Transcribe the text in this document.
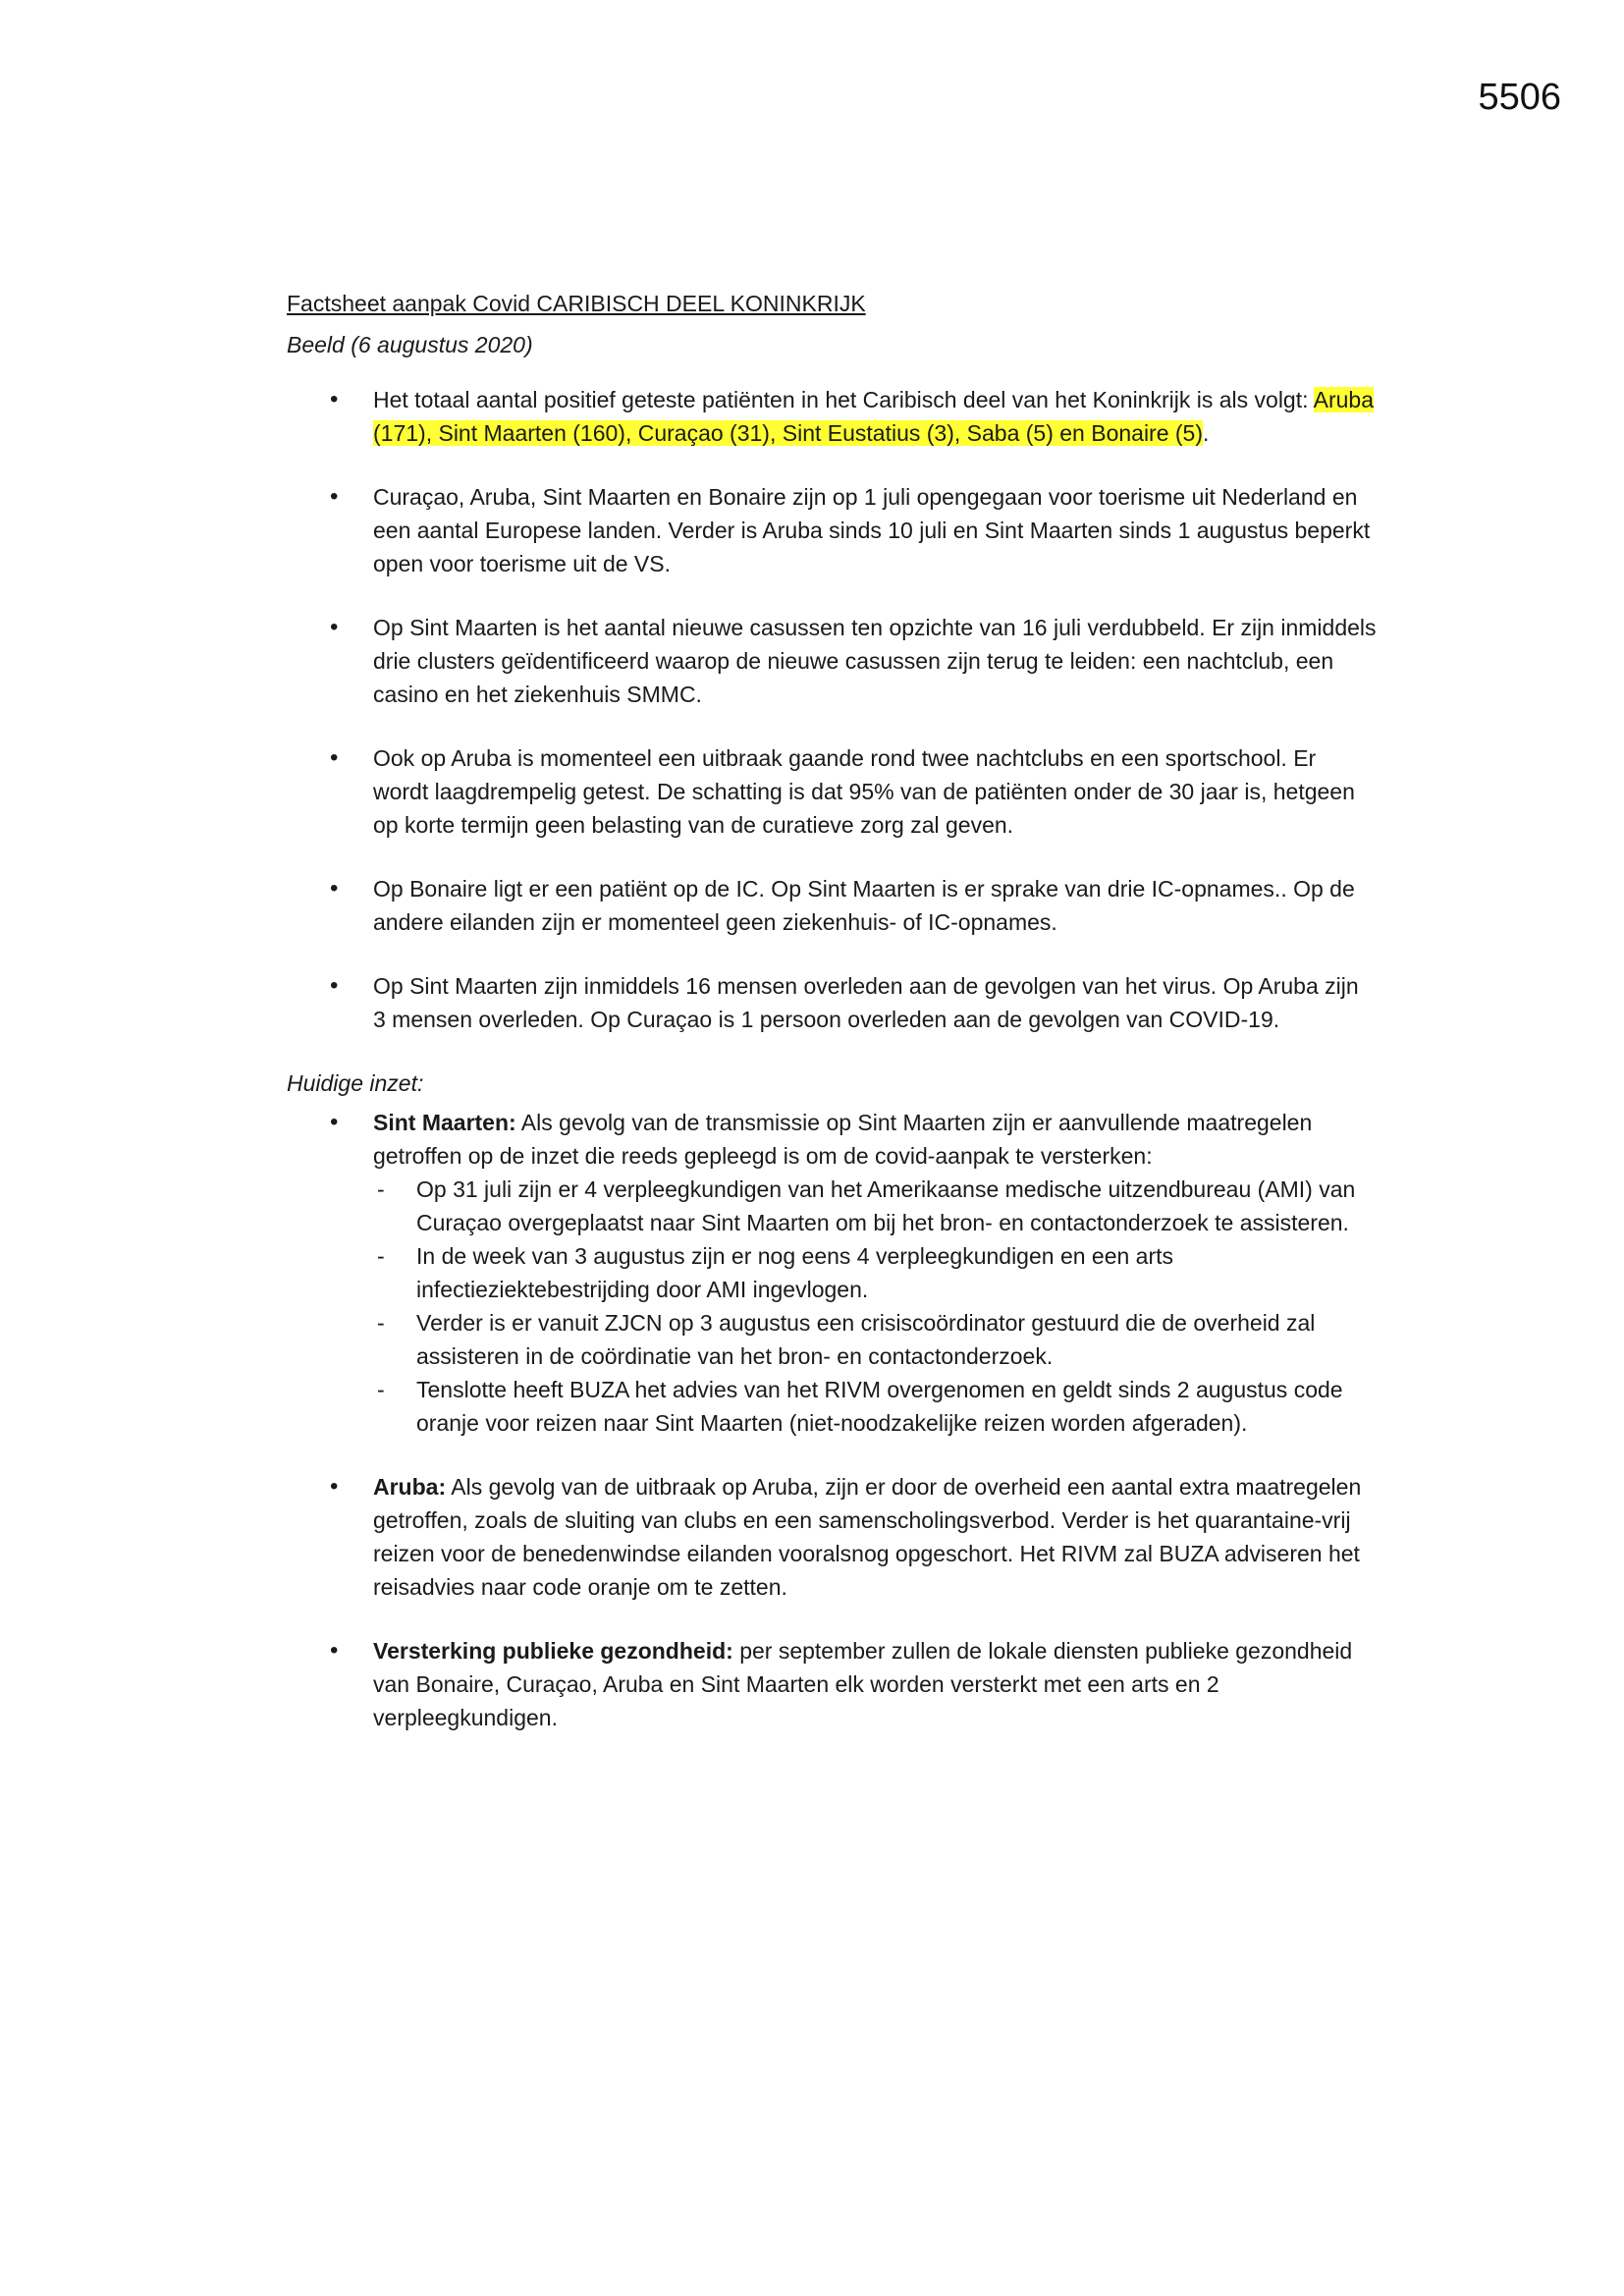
5506
Factsheet aanpak Covid CARIBISCH DEEL KONINKRIJK
Beeld (6 augustus 2020)
• Het totaal aantal positief geteste patiënten in het Caribisch deel van het Koninkrijk is als volgt: Aruba (171), Sint Maarten (160), Curaçao (31), Sint Eustatius (3), Saba (5) en Bonaire (5).
• Curaçao, Aruba, Sint Maarten en Bonaire zijn op 1 juli opengegaan voor toerisme uit Nederland en een aantal Europese landen. Verder is Aruba sinds 10 juli en Sint Maarten sinds 1 augustus beperkt open voor toerisme uit de VS.
• Op Sint Maarten is het aantal nieuwe casussen ten opzichte van 16 juli verdubbeld. Er zijn inmiddels drie clusters geïdentificeerd waarop de nieuwe casussen zijn terug te leiden: een nachtclub, een casino en het ziekenhuis SMMC.
• Ook op Aruba is momenteel een uitbraak gaande rond twee nachtclubs en een sportschool. Er wordt laagdrempelig getest. De schatting is dat 95% van de patiënten onder de 30 jaar is, hetgeen op korte termijn geen belasting van de curatieve zorg zal geven.
• Op Bonaire ligt er een patiënt op de IC. Op Sint Maarten is er sprake van drie IC-opnames.. Op de andere eilanden zijn er momenteel geen ziekenhuis- of IC-opnames.
• Op Sint Maarten zijn inmiddels 16 mensen overleden aan de gevolgen van het virus. Op Aruba zijn 3 mensen overleden. Op Curaçao is 1 persoon overleden aan de gevolgen van COVID-19.
Huidige inzet:
• Sint Maarten: Als gevolg van de transmissie op Sint Maarten zijn er aanvullende maatregelen getroffen op de inzet die reeds gepleegd is om de covid-aanpak te versterken:
- Op 31 juli zijn er 4 verpleegkundigen van het Amerikaanse medische uitzendbureau (AMI) van Curaçao overgeplaatst naar Sint Maarten om bij het bron- en contactonderzoek te assisteren.
- In de week van 3 augustus zijn er nog eens 4 verpleegkundigen en een arts infectieziektebestrijding door AMI ingevlogen.
- Verder is er vanuit ZJCN op 3 augustus een crisiscoördinator gestuurd die de overheid zal assisteren in de coördinatie van het bron- en contactonderzoek.
- Tenslotte heeft BUZA het advies van het RIVM overgenomen en geldt sinds 2 augustus code oranje voor reizen naar Sint Maarten (niet-noodzakelijke reizen worden afgeraden).
• Aruba: Als gevolg van de uitbraak op Aruba, zijn er door de overheid een aantal extra maatregelen getroffen, zoals de sluiting van clubs en een samenscholingsverbod. Verder is het quarantaine-vrij reizen voor de benedenwindse eilanden vooralsnog opgeschort. Het RIVM zal BUZA adviseren het reisadvies naar code oranje om te zetten.
• Versterking publieke gezondheid: per september zullen de lokale diensten publieke gezondheid van Bonaire, Curaçao, Aruba en Sint Maarten elk worden versterkt met een arts en 2 verpleegkundigen.
